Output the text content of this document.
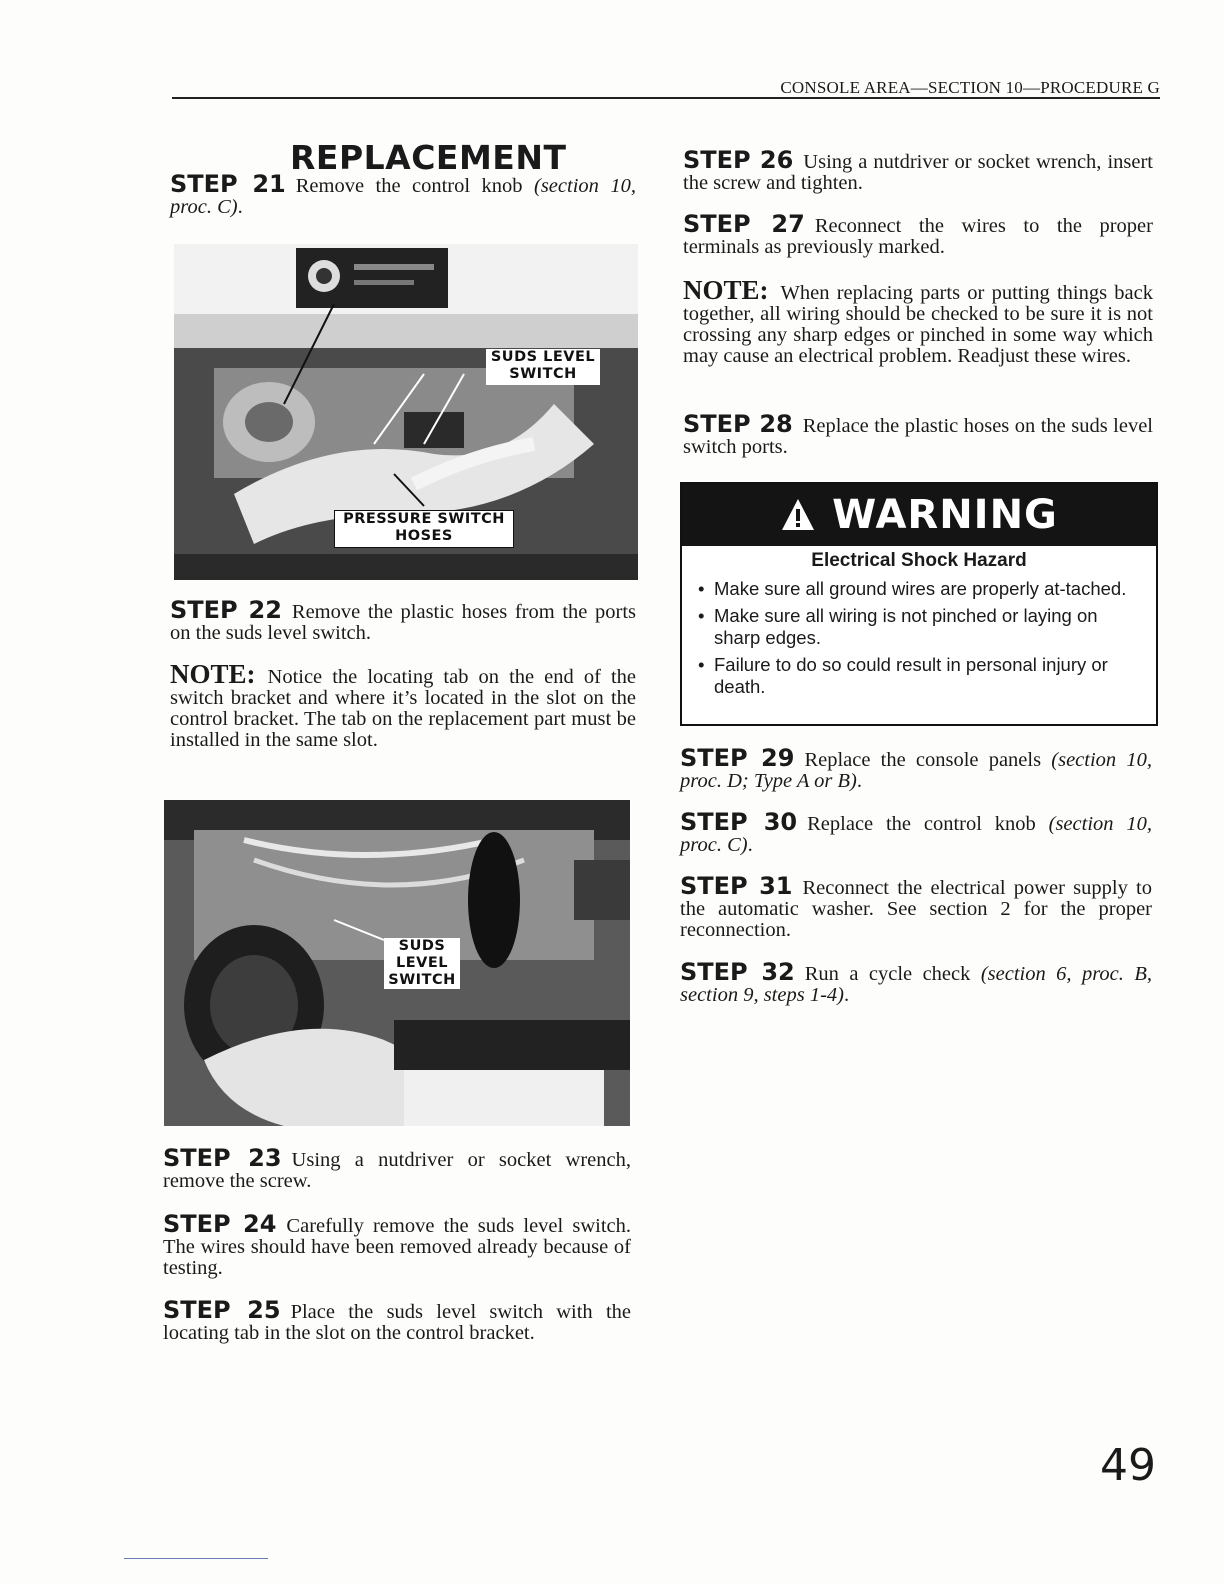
CONSOLE AREA—SECTION 10—PROCEDURE G
REPLACEMENT
STEP 21 Remove the control knob (section 10, proc. C).
SUDS LEVEL
SWITCH
PRESSURE SWITCH
HOSES
STEP 22 Remove the plastic hoses from the ports on the suds level switch.
NOTE: Notice the locating tab on the end of the switch bracket and where it’s located in the slot on the control bracket. The tab on the replacement part must be installed in the same slot.
SUDS
LEVEL
SWITCH
STEP 23 Using a nutdriver or socket wrench, remove the screw.
STEP 24 Carefully remove the suds level switch. The wires should have been removed already because of testing.
STEP 25 Place the suds level switch with the locating tab in the slot on the control bracket.
STEP 26 Using a nutdriver or socket wrench, insert the screw and tighten.
STEP 27 Reconnect the wires to the proper terminals as previously marked.
NOTE: When replacing parts or putting things back together, all wiring should be checked to be sure it is not crossing any sharp edges or pinched in some way which may cause an electrical problem. Readjust these wires.
STEP 28 Replace the plastic hoses on the suds level switch ports.
WARNING
Electrical Shock Hazard
• Make sure all ground wires are properly at-tached.
• Make sure all wiring is not pinched or laying on sharp edges.
• Failure to do so could result in personal injury or death.
STEP 29 Replace the console panels (section 10, proc. D; Type A or B).
STEP 30 Replace the control knob (section 10, proc. C).
STEP 31 Reconnect the electrical power supply to the automatic washer. See section 2 for the proper reconnection.
STEP 32 Run a cycle check (section 6, proc. B, section 9, steps 1-4).
49
